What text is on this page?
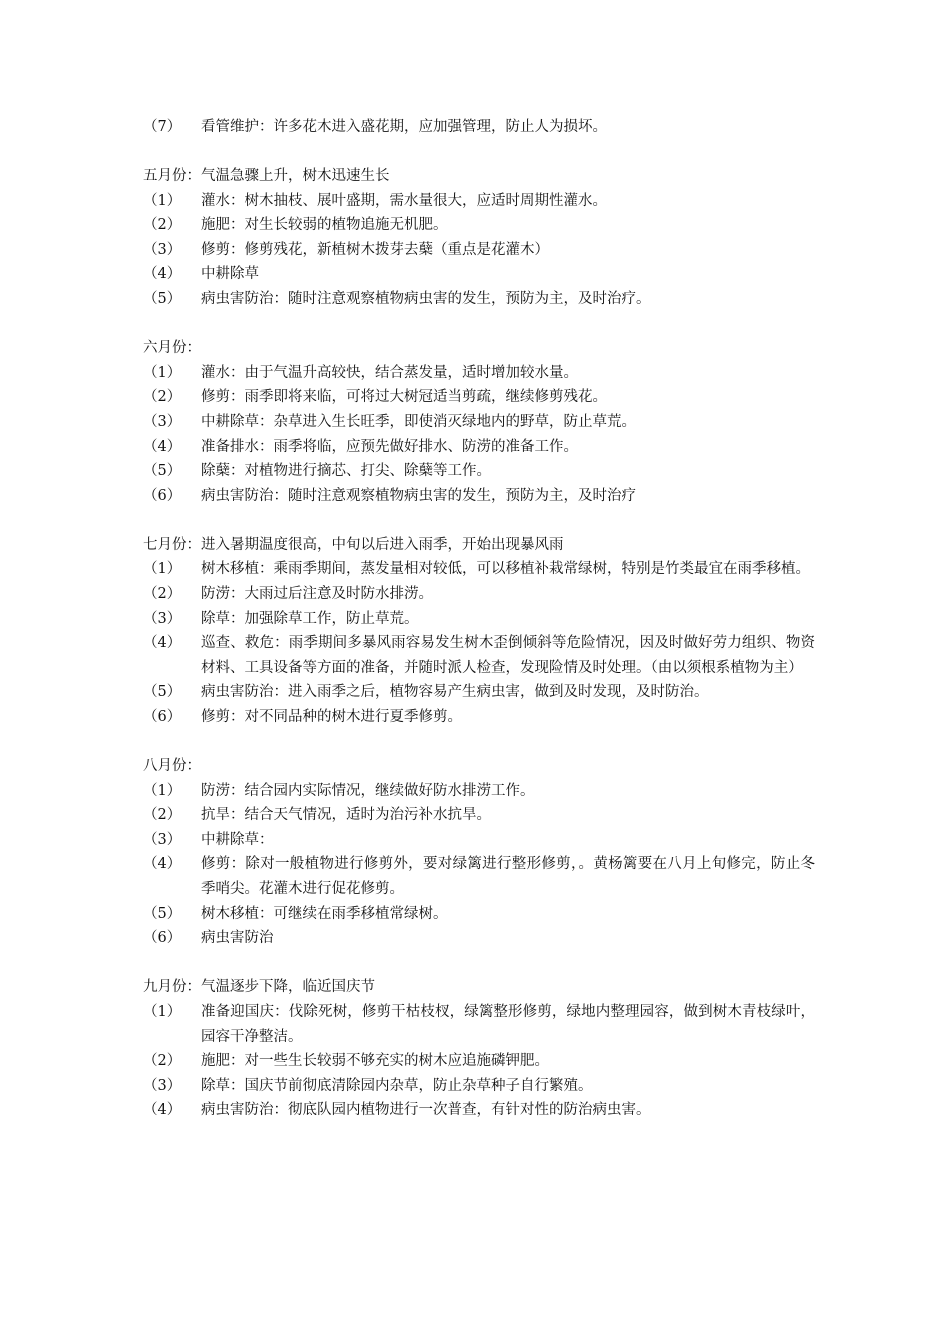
（7）	看管维护：许多花木进入盛花期，应加强管理，防止人为损坏。
五月份：气温急骤上升，树木迅速生长
（1）	灌水：树木抽枝、展叶盛期，需水量很大，应适时周期性灌水。
（2）	施肥：对生长较弱的植物追施无机肥。
（3）	修剪：修剪残花，新植树木拨芽去蘖（重点是花灌木）
（4）	中耕除草
（5）	病虫害防治：随时注意观察植物病虫害的发生，预防为主，及时治疗。
六月份：
（1）	灌水：由于气温升高较快，结合蒸发量，适时增加较水量。
（2）	修剪：雨季即将来临，可将过大树冠适当剪疏，继续修剪残花。
（3）	中耕除草：杂草进入生长旺季，即使消灭绿地内的野草，防止草荒。
（4）	准备排水：雨季将临，应预先做好排水、防涝的准备工作。
（5）	除蘖：对植物进行摘芯、打尖、除蘖等工作。
（6）	病虫害防治：随时注意观察植物病虫害的发生，预防为主，及时治疗
七月份：进入暑期温度很高，中旬以后进入雨季，开始出现暴风雨
（1）	树木移植：乘雨季期间，蒸发量相对较低，可以移植补栽常绿树，特别是竹类最宜在雨季移植。
（2）	防涝：大雨过后注意及时防水排涝。
（3）	除草：加强除草工作，防止草荒。
（4）	巡查、救危：雨季期间多暴风雨容易发生树木歪倒倾斜等危险情况，因及时做好劳力组织、物资材料、工具设备等方面的准备，并随时派人检查，发现险情及时处理。（由以须根系植物为主）
（5）	病虫害防治：进入雨季之后，植物容易产生病虫害，做到及时发现，及时防治。
（6）	修剪：对不同品种的树木进行夏季修剪。
八月份：
（1）	防涝：结合园内实际情况，继续做好防水排涝工作。
（2）	抗旱：结合天气情况，适时为治污补水抗旱。
（3）	中耕除草：
（4）	修剪：除对一般植物进行修剪外，要对绿篱进行整形修剪，。黄杨篱要在八月上旬修完，防止冬季哨尖。花灌木进行促花修剪。
（5）	树木移植：可继续在雨季移植常绿树。
（6）	病虫害防治
九月份：气温逐步下降，临近国庆节
（1）	准备迎国庆：伐除死树，修剪干枯枝杈，绿篱整形修剪，绿地内整理园容，做到树木青枝绿叶，园容干净整洁。
（2）	施肥：对一些生长较弱不够充实的树木应追施磷钾肥。
（3）	除草：国庆节前彻底清除园内杂草，防止杂草种子自行繁殖。
（4）	病虫害防治：彻底队园内植物进行一次普查，有针对性的防治病虫害。
